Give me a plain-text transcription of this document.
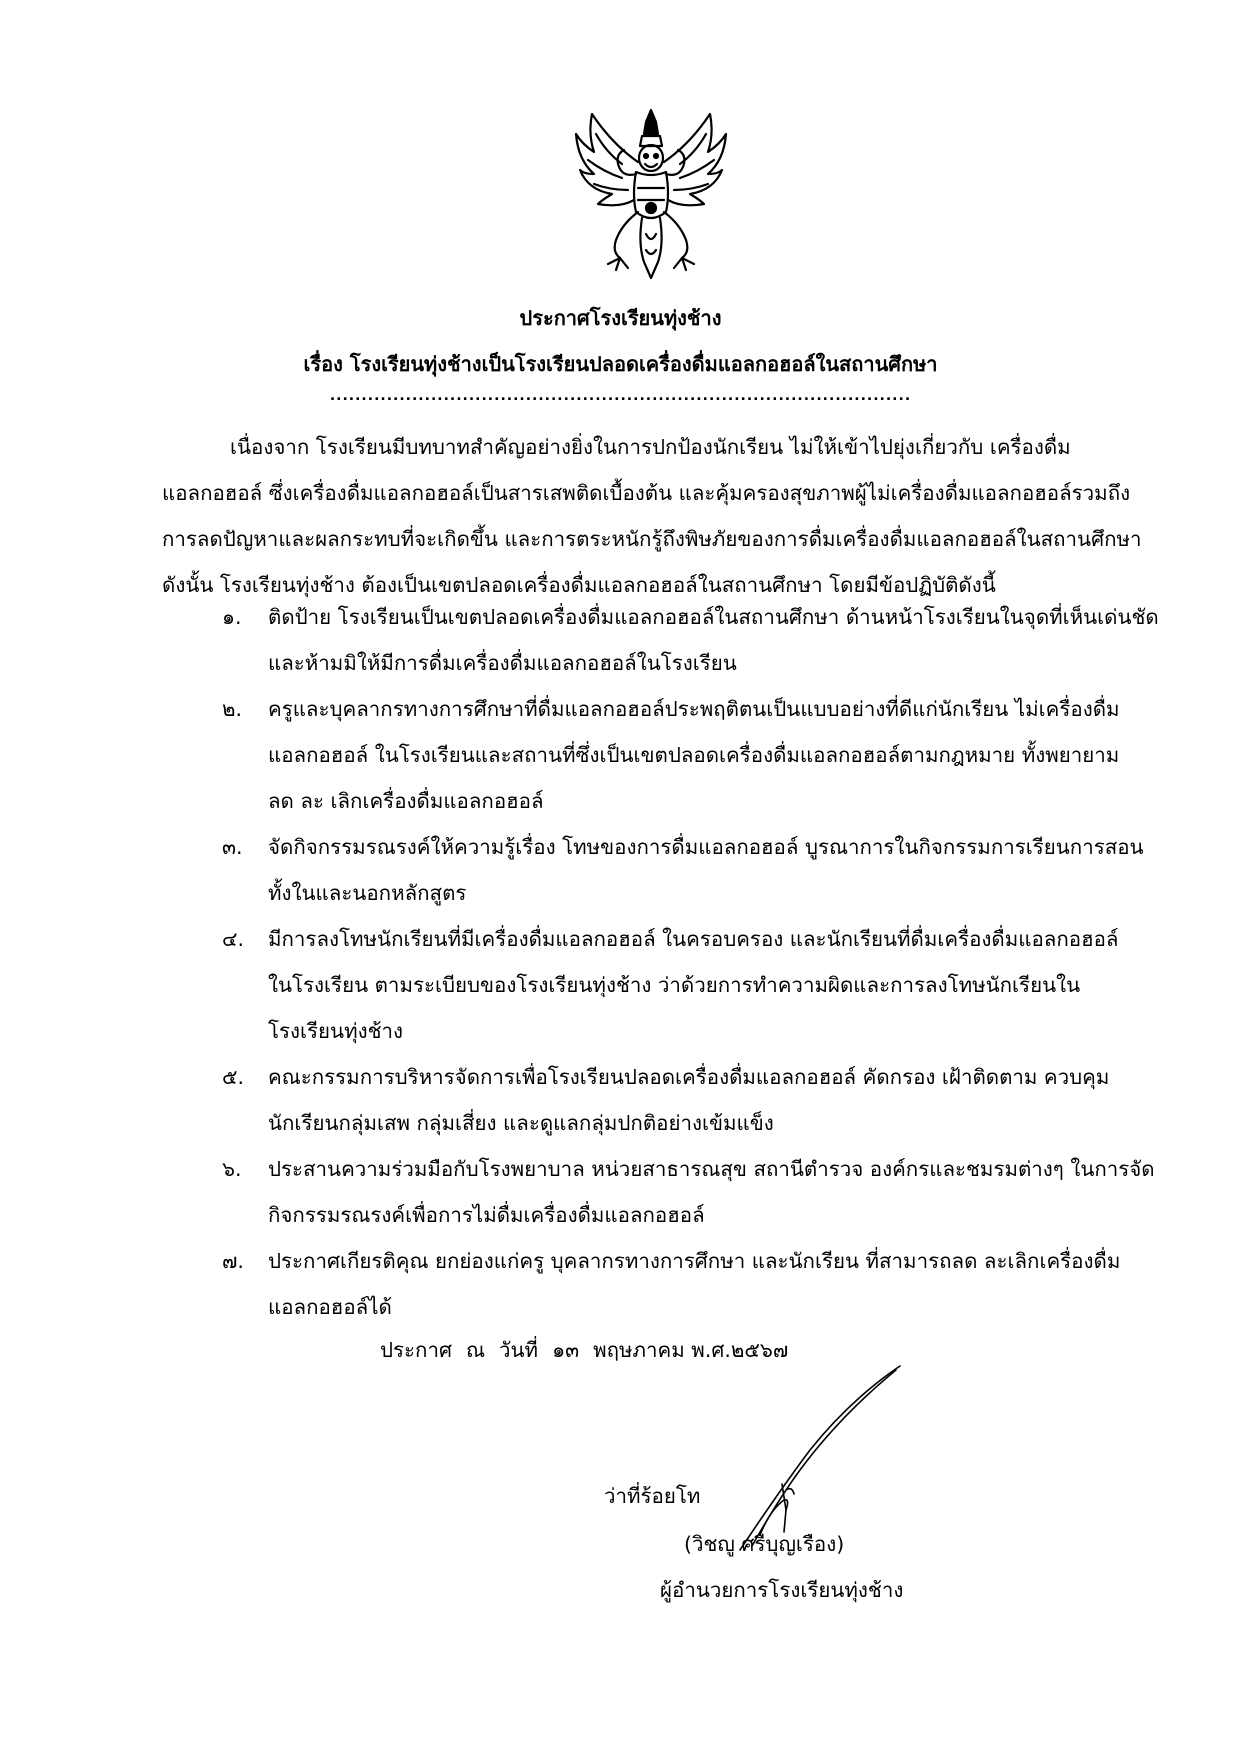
ประกาศโรงเรียนทุ่งช้าง
เรื่อง โรงเรียนทุ่งช้างเป็นโรงเรียนปลอดเครื่องดื่มแอลกอฮอล์ในสถานศึกษา
............................................................................................
เนื่องจาก โรงเรียนมีบทบาทสำคัญอย่างยิ่งในการปกป้องนักเรียน ไม่ให้เข้าไปยุ่งเกี่ยวกับ เครื่องดื่ม
แอลกอฮอล์ ซึ่งเครื่องดื่มแอลกอฮอล์เป็นสารเสพติดเบื้องต้น และคุ้มครองสุขภาพผู้ไม่เครื่องดื่มแอลกอฮอล์รวมถึง
การลดปัญหาและผลกระทบที่จะเกิดขึ้น และการตระหนักรู้ถึงพิษภัยของการดื่มเครื่องดื่มแอลกอฮอล์ในสถานศึกษา
ดังนั้น โรงเรียนทุ่งช้าง ต้องเป็นเขตปลอดเครื่องดื่มแอลกอฮอล์ในสถานศึกษา โดยมีข้อปฏิบัติดังนี้
๑. ติดป้าย โรงเรียนเป็นเขตปลอดเครื่องดื่มแอลกอฮอล์ในสถานศึกษา ด้านหน้าโรงเรียนในจุดที่เห็นเด่นชัด
และห้ามมิให้มีการดื่มเครื่องดื่มแอลกอฮอล์ในโรงเรียน
๒. ครูและบุคลากรทางการศึกษาที่ดื่มแอลกอฮอล์ประพฤติตนเป็นแบบอย่างที่ดีแก่นักเรียน ไม่เครื่องดื่ม
แอลกอฮอล์ ในโรงเรียนและสถานที่ซึ่งเป็นเขตปลอดเครื่องดื่มแอลกอฮอล์ตามกฎหมาย ทั้งพยายาม
ลด ละ เลิกเครื่องดื่มแอลกอฮอล์
๓. จัดกิจกรรมรณรงค์ให้ความรู้เรื่อง โทษของการดื่มแอลกอฮอล์ บูรณาการในกิจกรรมการเรียนการสอน
ทั้งในและนอกหลักสูตร
๔. มีการลงโทษนักเรียนที่มีเครื่องดื่มแอลกอฮอล์ ในครอบครอง และนักเรียนที่ดื่มเครื่องดื่มแอลกอฮอล์
ในโรงเรียน ตามระเบียบของโรงเรียนทุ่งช้าง ว่าด้วยการทำความผิดและการลงโทษนักเรียนใน
โรงเรียนทุ่งช้าง
๕. คณะกรรมการบริหารจัดการเพื่อโรงเรียนปลอดเครื่องดื่มแอลกอฮอล์ คัดกรอง เฝ้าติดตาม ควบคุม
นักเรียนกลุ่มเสพ กลุ่มเสี่ยง และดูแลกลุ่มปกติอย่างเข้มแข็ง
๖. ประสานความร่วมมือกับโรงพยาบาล หน่วยสาธารณสุข สถานีตำรวจ องค์กรและชมรมต่างๆ ในการจัด
กิจกรรมรณรงค์เพื่อการไม่ดื่มเครื่องดื่มแอลกอฮอล์
๗. ประกาศเกียรติคุณ ยกย่องแก่ครู บุคลากรทางการศึกษา และนักเรียน ที่สามารถลด ละเลิกเครื่องดื่ม
แอลกอฮอล์ได้
ประกาศ ณ วันที่ ๑๓ พฤษภาคม พ.ศ.๒๕๖๗
ว่าที่ร้อยโท
(วิชญู ศรีบุญเรือง)
ผู้อำนวยการโรงเรียนทุ่งช้าง
